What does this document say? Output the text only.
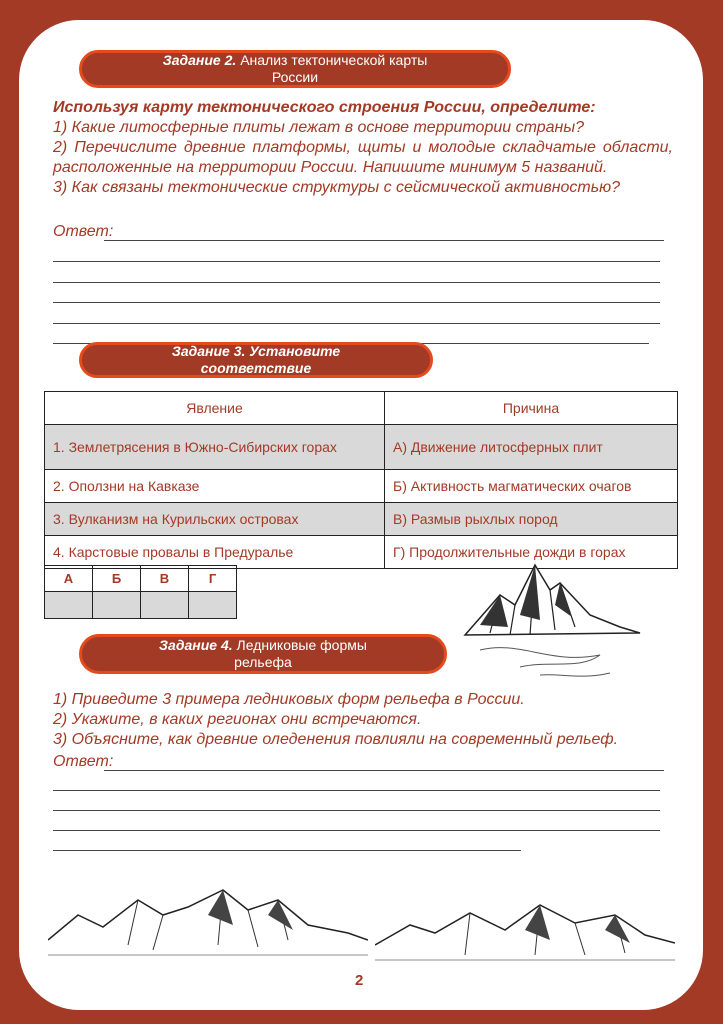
Задание 2. Анализ тектонической карты
России

Используя карту тектонического строения России, определите:

1) Какие литосферные плиты лежат в основе территории страны?

2) Перечислите древние платформы, щиты и молодые складчатые области, расположенные на территории России. Напишите минимум 5 названий.

3) Как связаны тектонические структуры с сейсмической активностью?

Ответ:
Задание 3. Установите
соответствие
Явление	Причина
1. Землетрясения в Южно-Сибирских горах	А) Движение литосферных плит
2. Оползни на Кавказе	Б) Активность магматических очагов
3. Вулканизм на Курильских островах	В) Размыв рыхлых пород
4. Карстовые провалы в Предуралье	Г) Продолжительные дожди в горах
А	Б	В	Г

Задание 4. Ледниковые формы
рельефа

1) Приведите 3 примера ледниковых форм рельефа в России.

2) Укажите, в каких регионах они встречаются.

3) Объясните, как древние оледенения повлияли на современный рельеф.

Ответ:
2
